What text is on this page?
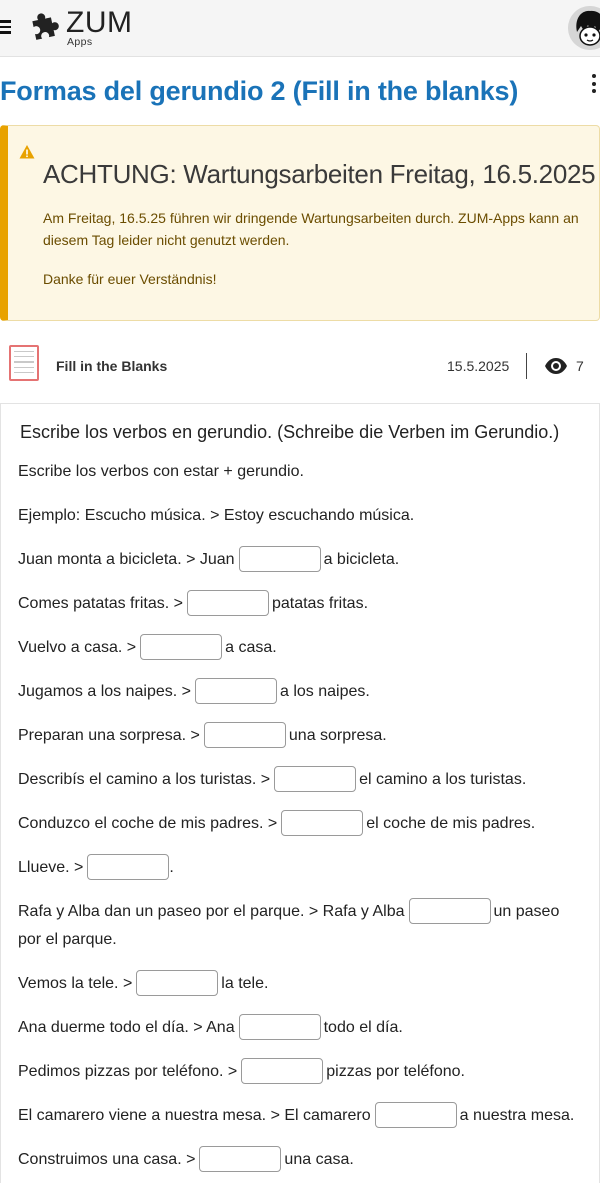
ZUM
Apps
Formas del gerundio 2 (Fill in the blanks)
ACHTUNG: Wartungsarbeiten Freitag, 16.5.2025
Am Freitag, 16.5.25 führen wir dringende Wartungsarbeiten durch. ZUM-Apps kann an diesem Tag leider nicht genutzt werden.
Danke für euer Verständnis!
Fill in the Blanks	15.5.2025	7
Escribe los verbos en gerundio. (Schreibe die Verben im Gerundio.)
Escribe los verbos con estar + gerundio.
Ejemplo: Escucho música. > Estoy escuchando música.
Juan monta a bicicleta. > Juan	a bicicleta.
Comes patatas fritas. >	patatas fritas.
Vuelvo a casa. >	a casa.
Jugamos a los naipes. >	a los naipes.
Preparan una sorpresa. >	una sorpresa.
Describís el camino a los turistas. >	el camino a los turistas.
Conduzco el coche de mis padres. >	el coche de mis padres.
Llueve. >	.
Rafa y Alba dan un paseo por el parque. > Rafa y Alba	un paseo por el parque.
Vemos la tele. >	la tele.
Ana duerme todo el día. > Ana	todo el día.
Pedimos pizzas por teléfono. >	pizzas por teléfono.
El camarero viene a nuestra mesa. > El camarero	a nuestra mesa.
Construimos una casa. >	una casa.
